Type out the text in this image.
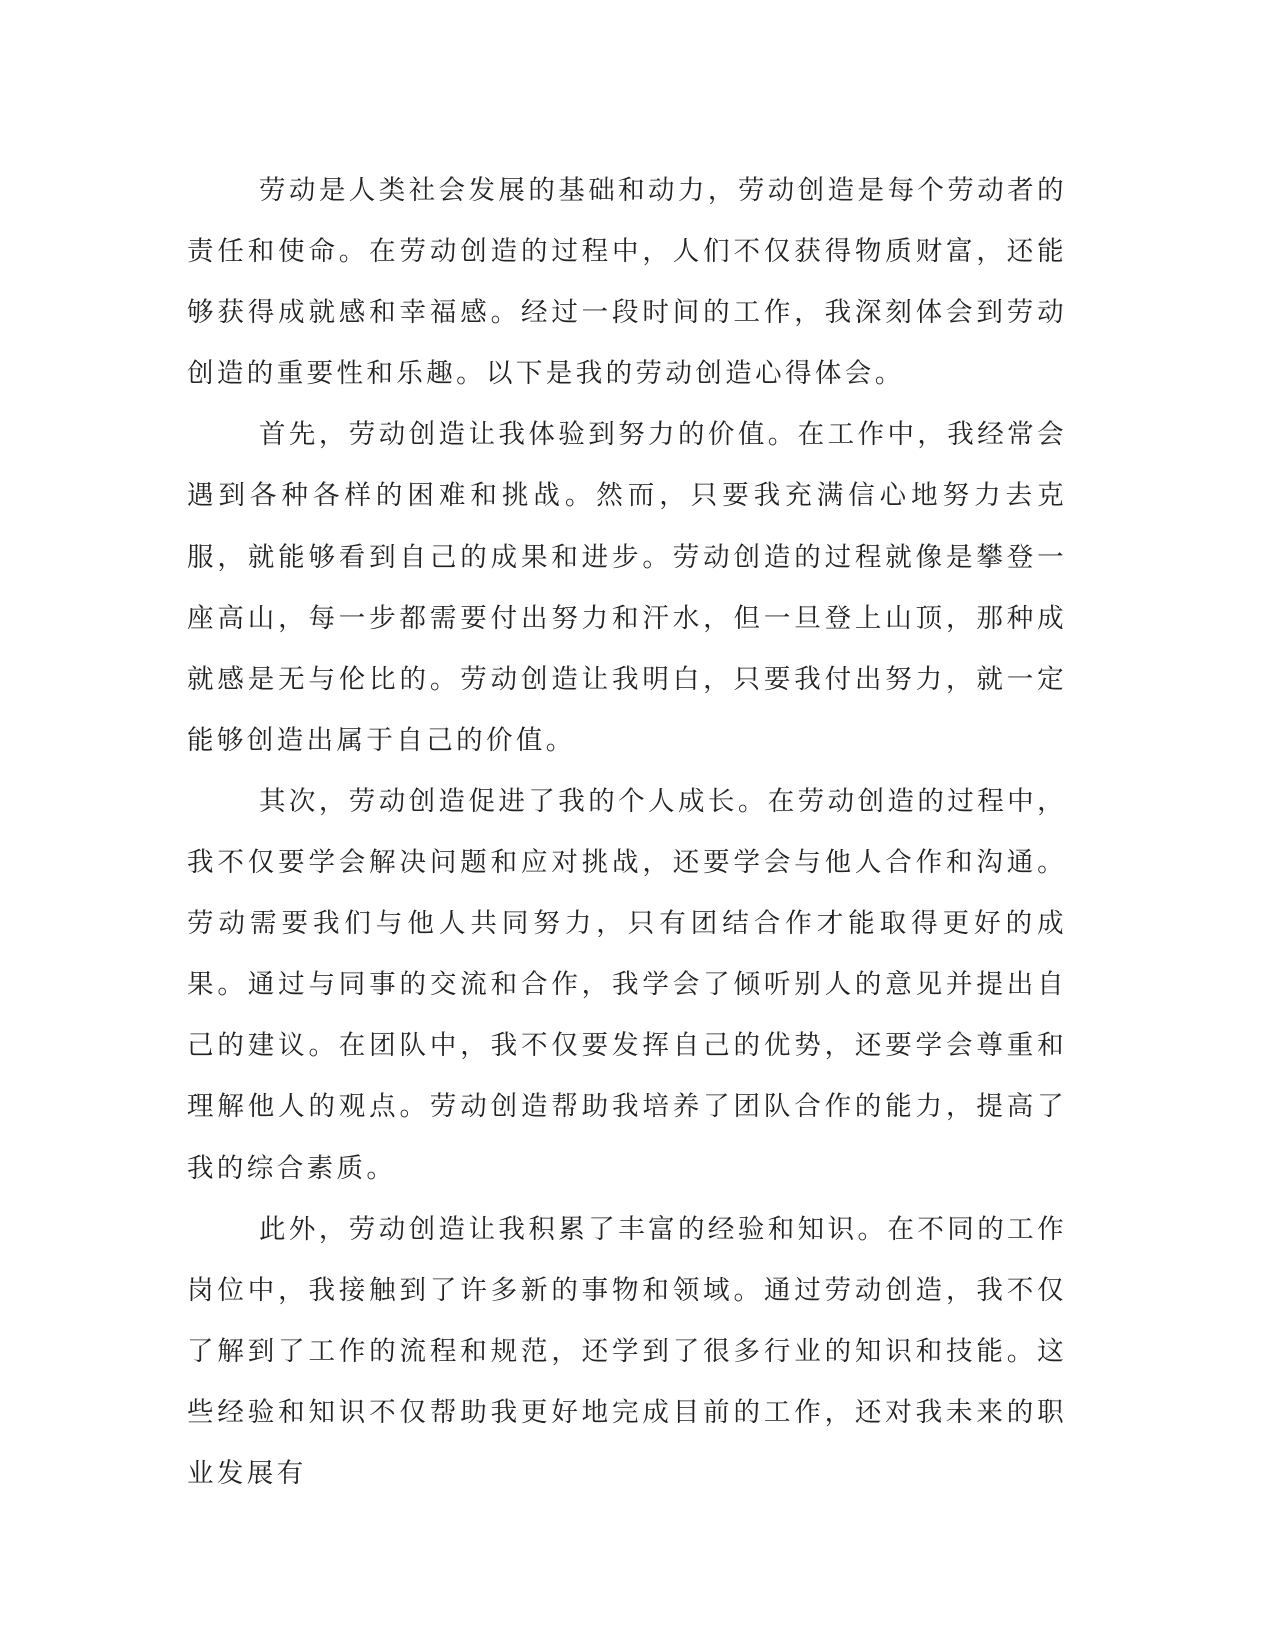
劳动是人类社会发展的基础和动力，劳动创造是每个劳动者的责任和使命。在劳动创造的过程中，人们不仅获得物质财富，还能够获得成就感和幸福感。经过一段时间的工作，我深刻体会到劳动创造的重要性和乐趣。以下是我的劳动创造心得体会。

首先，劳动创造让我体验到努力的价值。在工作中，我经常会遇到各种各样的困难和挑战。然而，只要我充满信心地努力去克服，就能够看到自己的成果和进步。劳动创造的过程就像是攀登一座高山，每一步都需要付出努力和汗水，但一旦登上山顶，那种成就感是无与伦比的。劳动创造让我明白，只要我付出努力，就一定能够创造出属于自己的价值。

其次，劳动创造促进了我的个人成长。在劳动创造的过程中，我不仅要学会解决问题和应对挑战，还要学会与他人合作和沟通。劳动需要我们与他人共同努力，只有团结合作才能取得更好的成果。通过与同事的交流和合作，我学会了倾听别人的意见并提出自己的建议。在团队中，我不仅要发挥自己的优势，还要学会尊重和理解他人的观点。劳动创造帮助我培养了团队合作的能力，提高了我的综合素质。

此外，劳动创造让我积累了丰富的经验和知识。在不同的工作岗位中，我接触到了许多新的事物和领域。通过劳动创造，我不仅了解到了工作的流程和规范，还学到了很多行业的知识和技能。这些经验和知识不仅帮助我更好地完成目前的工作，还对我未来的职业发展有
